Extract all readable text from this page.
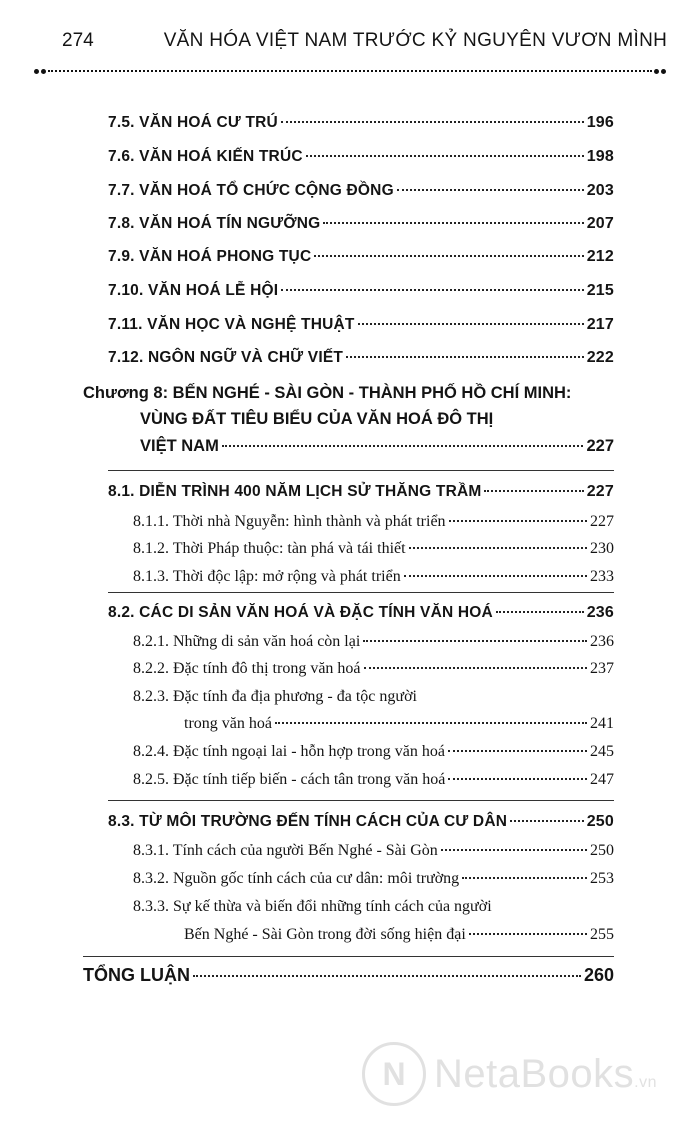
274	VĂN HÓA VIỆT NAM TRƯỚC KỶ NGUYÊN VƯƠN MÌNH
7.5. VĂN HOÁ CƯ TRÚ	196
7.6. VĂN HOÁ KIẾN TRÚC	198
7.7. VĂN HOÁ TỔ CHỨC CỘNG ĐỒNG	203
7.8. VĂN HOÁ TÍN NGƯỠNG	207
7.9. VĂN HOÁ PHONG TỤC	212
7.10. VĂN HOÁ LỄ HỘI	215
7.11. VĂN HỌC VÀ NGHỆ THUẬT	217
7.12. NGÔN NGỮ VÀ CHỮ VIẾT	222
Chương 8: BẾN NGHÉ - SÀI GÒN - THÀNH PHỐ HỒ CHÍ MINH:
VÙNG ĐẤT TIÊU BIỂU CỦA VĂN HOÁ ĐÔ THỊ
VIỆT NAM	227
8.1. DIỄN TRÌNH 400 NĂM LỊCH SỬ THĂNG TRẦM	227
8.1.1. Thời nhà Nguyễn: hình thành và phát triển	227
8.1.2. Thời Pháp thuộc: tàn phá và tái thiết	230
8.1.3. Thời độc lập: mở rộng và phát triển	233
8.2. CÁC DI SẢN VĂN HOÁ VÀ ĐẶC TÍNH VĂN HOÁ	236
8.2.1. Những di sản văn hoá còn lại	236
8.2.2. Đặc tính đô thị trong văn hoá	237
8.2.3. Đặc tính đa địa phương - đa tộc người
trong văn hoá	241
8.2.4. Đặc tính ngoại lai - hỗn hợp trong văn hoá	245
8.2.5. Đặc tính tiếp biến - cách tân trong văn hoá	247
8.3. TỪ MÔI TRƯỜNG ĐẾN TÍNH CÁCH CỦA CƯ DÂN	250
8.3.1. Tính cách của người Bến Nghé - Sài Gòn	250
8.3.2. Nguồn gốc tính cách của cư dân: môi trường	253
8.3.3. Sự kế thừa và biến đổi những tính cách của người
Bến Nghé - Sài Gòn trong đời sống hiện đại	255
TỔNG LUẬN	260
N NetaBooks.vn
